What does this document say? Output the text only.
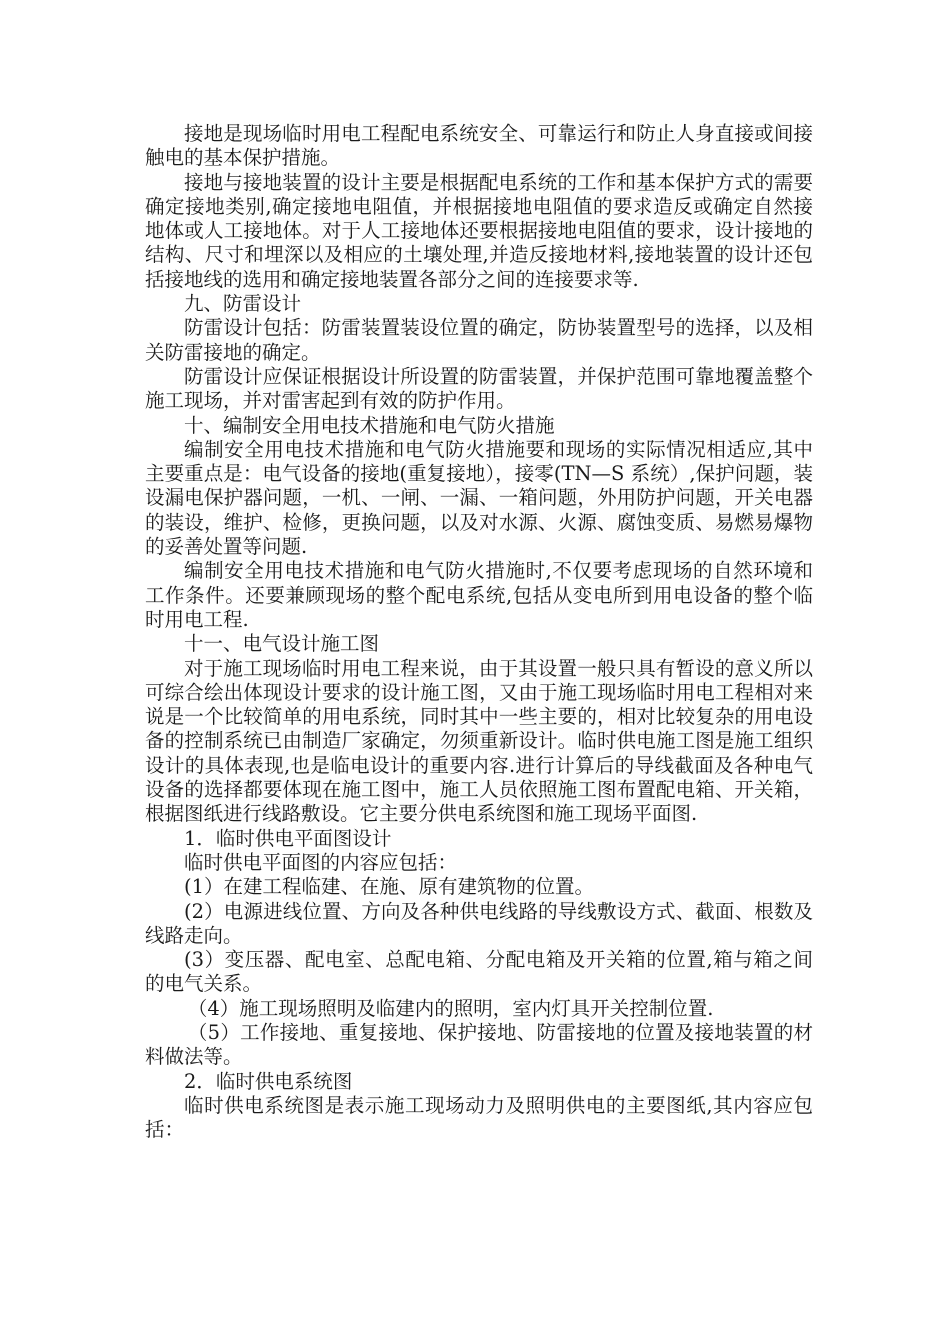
接地是现场临时用电工程配电系统安全、可靠运行和防止人身直接或间接触电的基本保护措施。

接地与接地装置的设计主要是根据配电系统的工作和基本保护方式的需要确定接地类别,确定接地电阻值，并根据接地电阻值的要求造反或确定自然接地体或人工接地体。对于人工接地体还要根据接地电阻值的要求，设计接地的结构、尺寸和埋深以及相应的土壤处理,并造反接地材料,接地装置的设计还包括接地线的选用和确定接地装置各部分之间的连接要求等.

九、防雷设计

防雷设计包括：防雷装置装设位置的确定，防协装置型号的选择，以及相关防雷接地的确定。

防雷设计应保证根据设计所设置的防雷装置，并保护范围可靠地覆盖整个施工现场，并对雷害起到有效的防护作用。

十、编制安全用电技术措施和电气防火措施

编制安全用电技术措施和电气防火措施要和现场的实际情况相适应,其中主要重点是：电气设备的接地(重复接地），接零(TN—S 系统）,保护问题，装设漏电保护器问题，一机、一闸、一漏、一箱问题，外用防护问题，开关电器的装设，维护、检修，更换问题，以及对水源、火源、腐蚀变质、易燃易爆物的妥善处置等问题.

编制安全用电技术措施和电气防火措施时,不仅要考虑现场的自然环境和工作条件。还要兼顾现场的整个配电系统,包括从变电所到用电设备的整个临时用电工程.

十一、电气设计施工图

对于施工现场临时用电工程来说，由于其设置一般只具有暂设的意义所以可综合绘出体现设计要求的设计施工图，又由于施工现场临时用电工程相对来说是一个比较简单的用电系统，同时其中一些主要的，相对比较复杂的用电设备的控制系统已由制造厂家确定，勿须重新设计。临时供电施工图是施工组织设计的具体表现,也是临电设计的重要内容.进行计算后的导线截面及各种电气设备的选择都要体现在施工图中，施工人员依照施工图布置配电箱、开关箱，根据图纸进行线路敷设。它主要分供电系统图和施工现场平面图.

1．临时供电平面图设计

临时供电平面图的内容应包括：

(1）在建工程临建、在施、原有建筑物的位置。

(2）电源进线位置、方向及各种供电线路的导线敷设方式、截面、根数及线路走向。

(3）变压器、配电室、总配电箱、分配电箱及开关箱的位置,箱与箱之间的电气关系。

（4）施工现场照明及临建内的照明，室内灯具开关控制位置.

（5）工作接地、重复接地、保护接地、防雷接地的位置及接地装置的材料做法等。

2．临时供电系统图

临时供电系统图是表示施工现场动力及照明供电的主要图纸,其内容应包括：
